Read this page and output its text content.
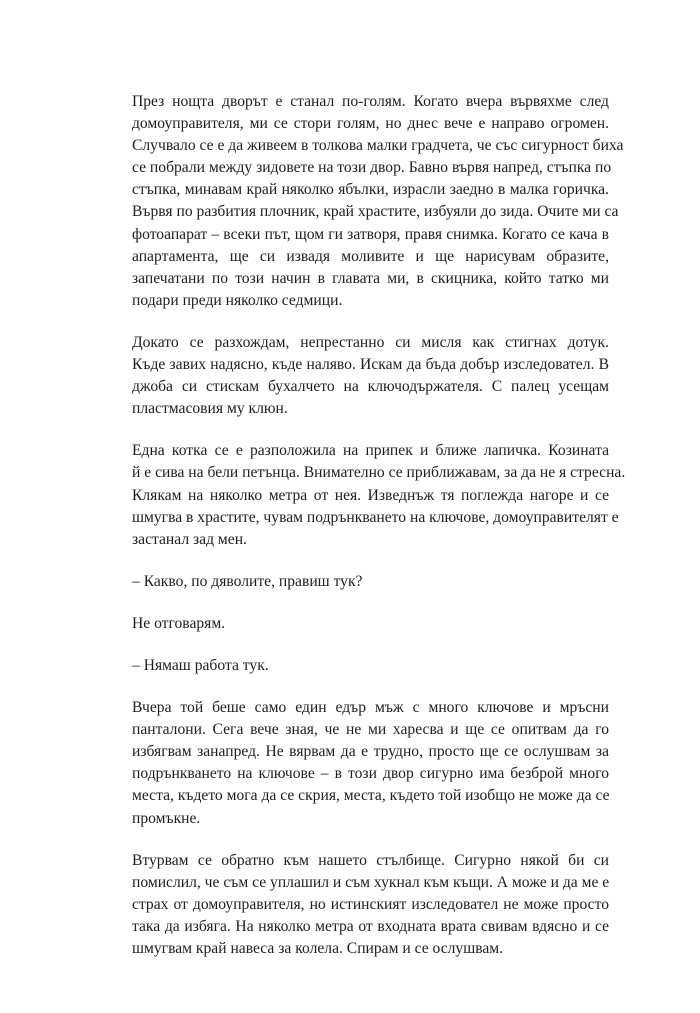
През нощта дворът е станал по-голям. Когато вчера вървяхме след
домоуправителя, ми се стори голям, но днес вече е направо огромен.
Случвало се е да живеем в толкова малки градчета, че със сигурност биха
се побрали между зидовете на този двор. Бавно вървя напред, стъпка по
стъпка, минавам край няколко ябълки, израсли заедно в малка горичка.
Вървя по разбития плочник, край храстите, избуяли до зида. Очите ми са
фотоапарат – всеки път, щом ги затворя, правя снимка. Когато се кача в
апартамента, ще си извадя моливите и ще нарисувам образите,
запечатани по този начин в главата ми, в скицника, който татко ми
подари преди няколко седмици.

Докато се разхождам, непрестанно си мисля как стигнах дотук.
Къде завих надясно, къде наляво. Искам да бъда добър изследовател. В
джоба си стискам бухалчето на ключодържателя. С палец усещам
пластмасовия му клюн.

Една котка се е разположила на припек и ближе лапичка. Козината
й е сива на бели петънца. Внимателно се приближавам, за да не я стресна.
Клякам на няколко метра от нея. Изведнъж тя поглежда нагоре и се
шмугва в храстите, чувам подрънкването на ключове, домоуправителят е
застанал зад мен.

– Какво, по дяволите, правиш тук?

Не отговарям.

– Нямаш работа тук.

Вчера той беше само един едър мъж с много ключове и мръсни
панталони. Сега вече зная, че не ми харесва и ще се опитвам да го
избягвам занапред. Не вярвам да е трудно, просто ще се ослушвам за
подрънкването на ключове – в този двор сигурно има безброй много
места, където мога да се скрия, места, където той изобщо не може да се
промъкне.

Втурвам се обратно към нашето стълбище. Сигурно някой би си
помислил, че съм се уплашил и съм хукнал към къщи. А може и да ме е
страх от домоуправителя, но истинският изследовател не може просто
така да избяга. На няколко метра от входната врата свивам вдясно и се
шмугвам край навеса за колела. Спирам и се ослушвам.
